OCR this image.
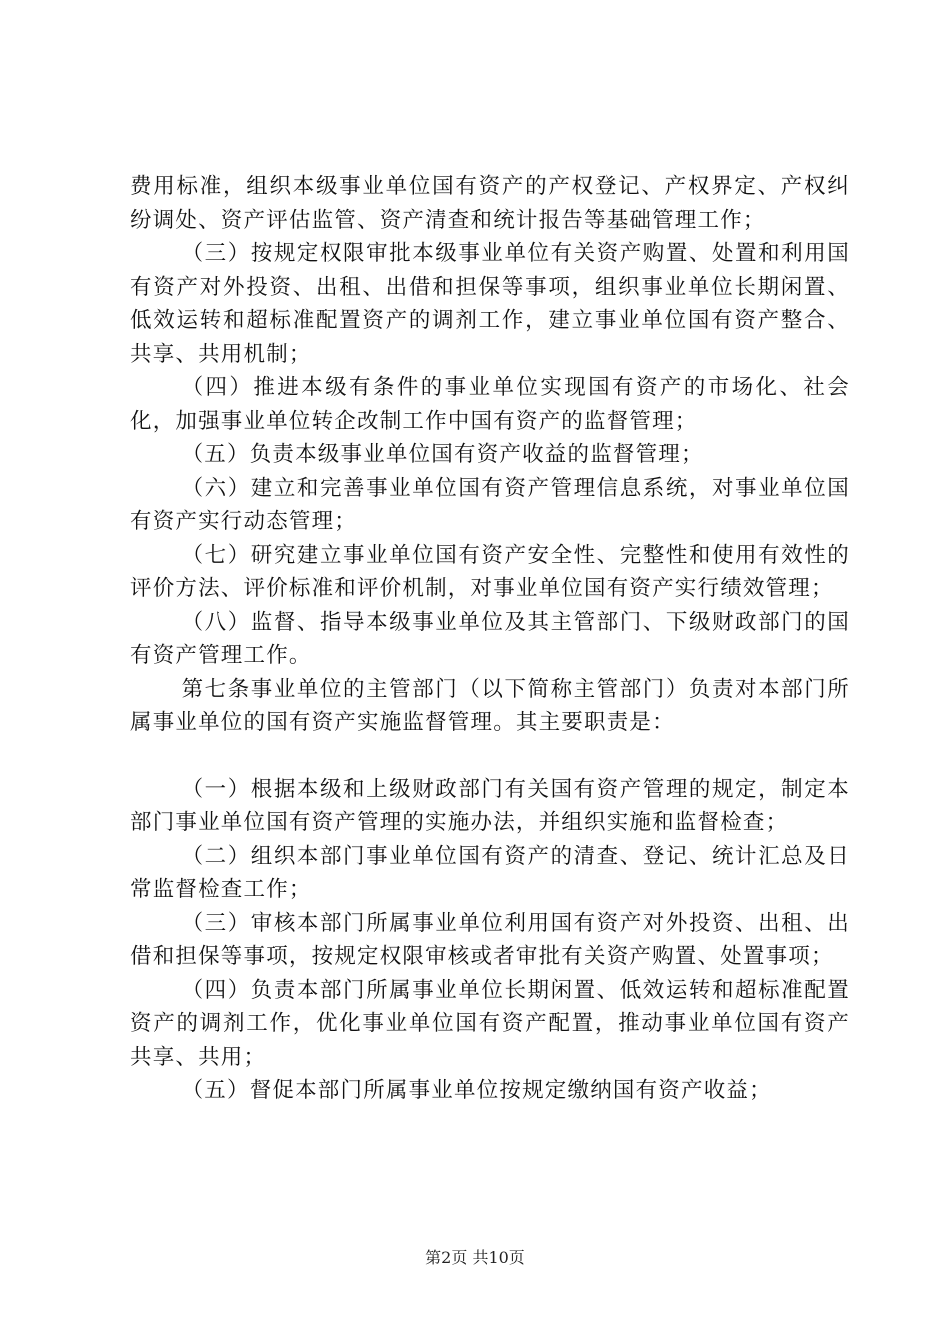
费用标准，组织本级事业单位国有资产的产权登记、产权界定、产权纠纷调处、资产评估监管、资产清查和统计报告等基础管理工作；

（三）按规定权限审批本级事业单位有关资产购置、处置和利用国有资产对外投资、出租、出借和担保等事项，组织事业单位长期闲置、低效运转和超标准配置资产的调剂工作，建立事业单位国有资产整合、共享、共用机制；

（四）推进本级有条件的事业单位实现国有资产的市场化、社会化，加强事业单位转企改制工作中国有资产的监督管理；

（五）负责本级事业单位国有资产收益的监督管理；

（六）建立和完善事业单位国有资产管理信息系统，对事业单位国有资产实行动态管理；

（七）研究建立事业单位国有资产安全性、完整性和使用有效性的评价方法、评价标准和评价机制，对事业单位国有资产实行绩效管理；

（八）监督、指导本级事业单位及其主管部门、下级财政部门的国有资产管理工作。

第七条事业单位的主管部门（以下简称主管部门）负责对本部门所属事业单位的国有资产实施监督管理。其主要职责是：

（一）根据本级和上级财政部门有关国有资产管理的规定，制定本部门事业单位国有资产管理的实施办法，并组织实施和监督检查；

（二）组织本部门事业单位国有资产的清查、登记、统计汇总及日常监督检查工作；

（三）审核本部门所属事业单位利用国有资产对外投资、出租、出借和担保等事项，按规定权限审核或者审批有关资产购置、处置事项；

（四）负责本部门所属事业单位长期闲置、低效运转和超标准配置资产的调剂工作，优化事业单位国有资产配置，推动事业单位国有资产共享、共用；

（五）督促本部门所属事业单位按规定缴纳国有资产收益；

第2页 共10页
